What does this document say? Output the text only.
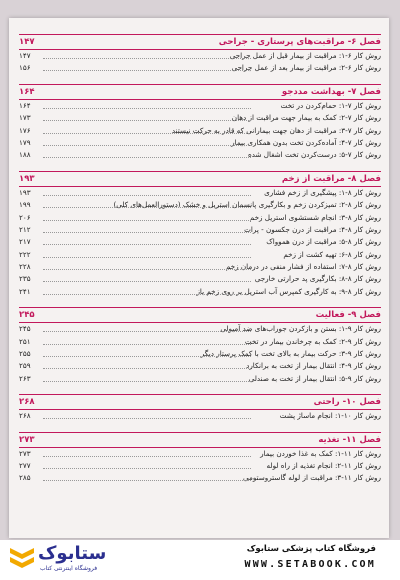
فصل ۶- مراقبت‌های پرستاری - جراحی
۱۴۷
روش کار ۶-۱: مراقبت از بیمار قبل از عمل جراحی
۱۴۷
روش کار ۶-۲: مراقبت از بیمار بعد از عمل جراحی
۱۵۶
فصل ۷- بهداشت مددجو
۱۶۴
روش کار ۷-۱: حمام‌کردن در تخت
۱۶۴
روش کار ۷-۲: کمک به بیمار جهت مراقبت از دهان
۱۷۳
روش کار ۷-۳: مراقبت از دهان جهت بیمارانی که قادر به حرکت نیستند
۱۷۶
روش کار ۷-۴: آماده‌کردن تخت بدون همکاری بیمار
۱۷۹
روش کار ۷-۵: درست‌کردن تخت اشغال شده
۱۸۸
فصل ۸- مراقبت از زخم
۱۹۳
روش کار ۸-۱: پیشگیری از زخم فشاری
۱۹۳
روش کار ۸-۲: تمیزکردن زخم و بکارگیری پانسمان استریل و خشک (دستورالعمل‌های کلی)
۱۹۹
روش کار ۸-۳: انجام شستشوی استریل زخم
۲۰۶
روش کار ۸-۴: مراقبت از درن جکسون - پرات
۲۱۲
روش کار ۸-۵: مراقبت از درن هموواک
۲۱۷
روش کار ۸-۶: تهیه کشت از زخم
۲۲۲
روش کار ۸-۷: استفاده از فشار منفی در درمان زخم
۲۲۸
روش کار ۸-۸: بکارگیری پد حرارتی خارجی
۲۳۵
روش کار ۸-۹: به کارگیری کمپرس آب استریل بر روی زخم باز
۲۴۱
فصل ۹- فعالیت
۲۴۵
روش کار ۹-۱: بستن و بازکردن جوراب‌های ضد آمبولی
۲۴۵
روش کار ۹-۲: کمک به چرخاندن بیمار در تخت
۲۵۱
روش کار ۹-۳: حرکت بیمار به بالای تخت با کمک پرستار دیگر
۲۵۵
روش کار ۹-۴: انتقال بیمار از تخت به برانکارد
۲۵۹
روش کار ۹-۵: انتقال بیمار از تخت به صندلی
۲۶۳
فصل ۱۰- راحتی
۲۶۸
روش کار ۱۰-۱: انجام ماساژ پشت
۲۶۸
فصل ۱۱- تغذیه
۲۷۳
روش کار ۱۱-۱: کمک به غذا خوردن بیمار
۲۷۳
روش کار ۱۱-۲: انجام تغذیه از راه لوله
۲۷۷
روش کار ۱۱-۳: مراقبت از لوله گاستروستومی
۲۸۵
ستابوک
فروشگاه اینترنتی کتاب
فروشگاه کتاب پزشکی ستابوک
WWW.SETABOOK.COM
